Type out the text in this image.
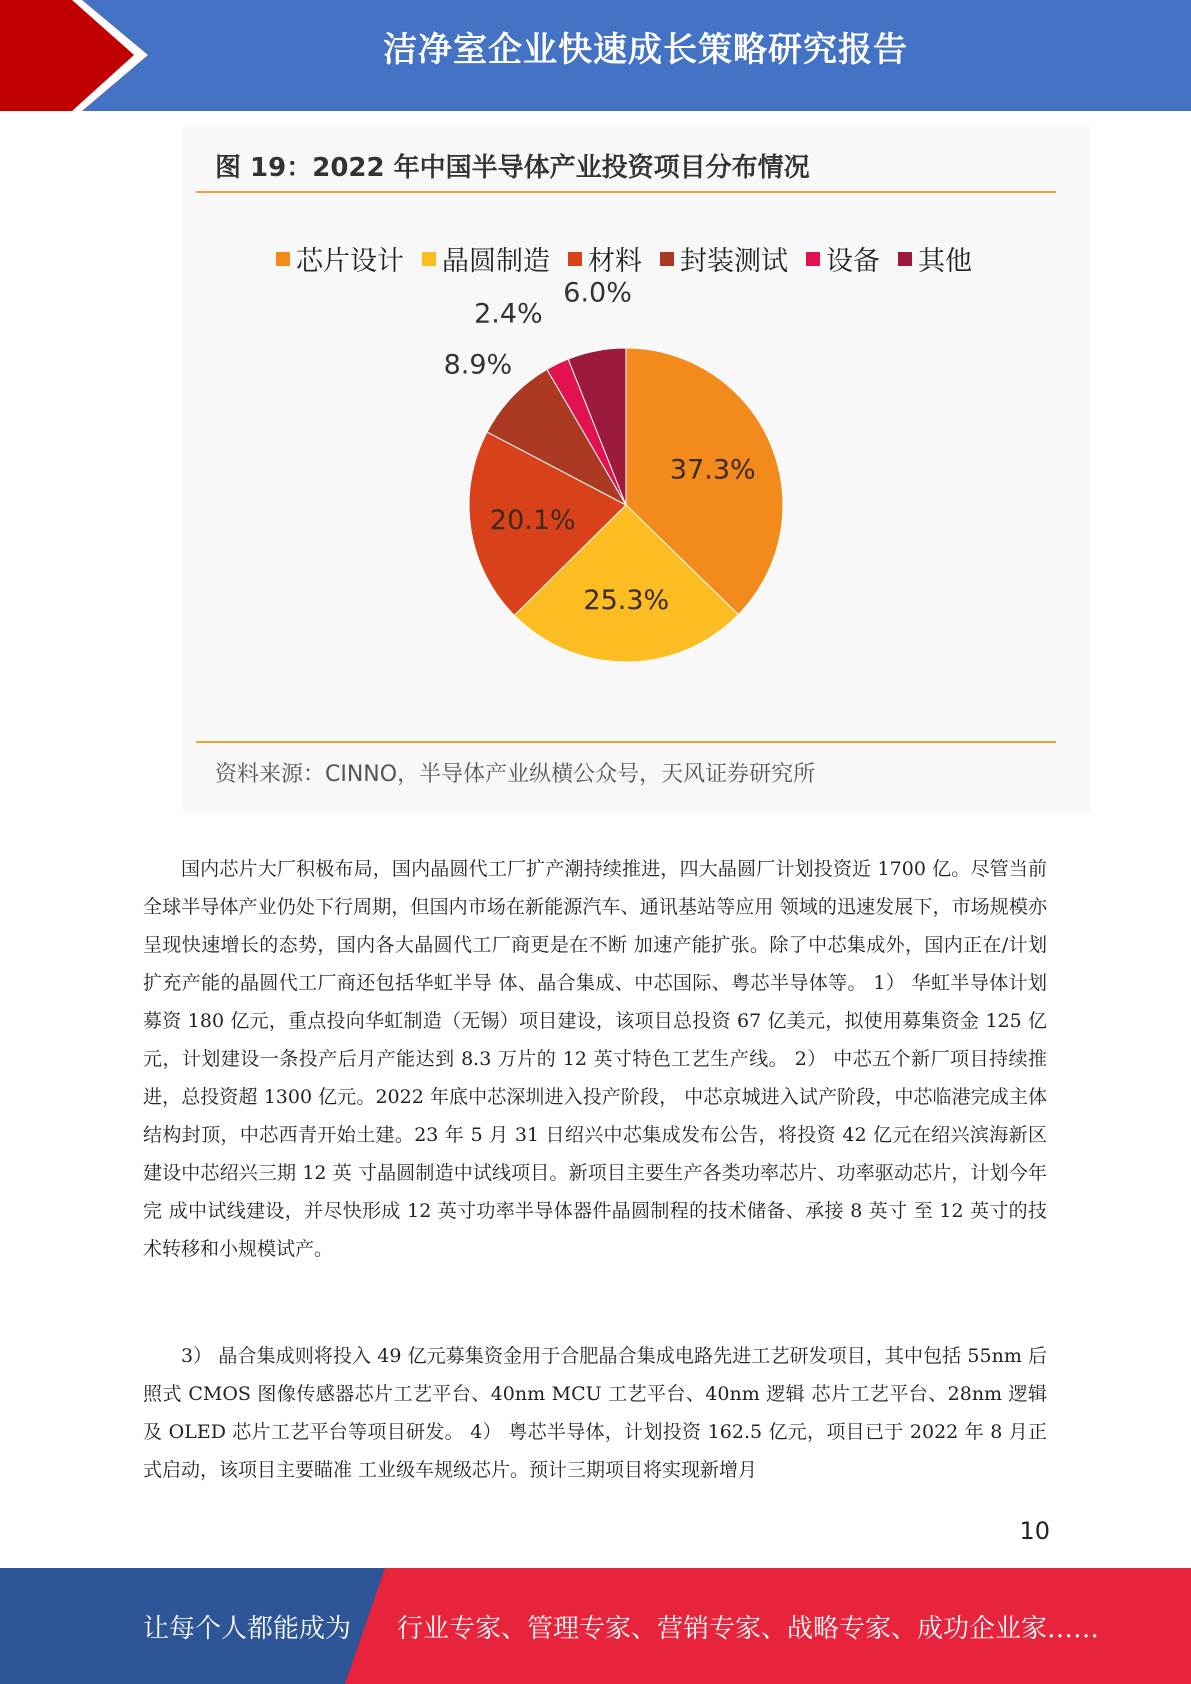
洁净室企业快速成长策略研究报告
图 19：2022 年中国半导体产业投资项目分布情况
芯片设计 晶圆制造 材料 封装测试 设备 其他
37.3%
25.3%
20.1%
8.9%
2.4%
6.0%
资料来源：CINNO，半导体产业纵横公众号，天风证券研究所

国内芯片大厂积极布局，国内晶圆代工厂扩产潮持续推进，四大晶圆厂计划投资近 1700 亿。尽管当前全球半导体产业仍处下行周期，但国内市场在新能源汽车、通讯基站等应用 领域的迅速发展下，市场规模亦呈现快速增长的态势，国内各大晶圆代工厂商更是在不断 加速产能扩张。除了中芯集成外，国内正在/计划扩充产能的晶圆代工厂商还包括华虹半导 体、晶合集成、中芯国际、粤芯半导体等。 1） 华虹半导体计划募资 180 亿元，重点投向华虹制造（无锡）项目建设，该项目总投资 67 亿美元，拟使用募集资金 125 亿元，计划建设一条投产后月产能达到 8.3 万片的 12 英寸特色工艺生产线。 2） 中芯五个新厂项目持续推进，总投资超 1300 亿元。2022 年底中芯深圳进入投产阶段， 中芯京城进入试产阶段，中芯临港完成主体结构封顶，中芯西青开始土建。23 年 5 月 31 日绍兴中芯集成发布公告，将投资 42 亿元在绍兴滨海新区建设中芯绍兴三期 12 英 寸晶圆制造中试线项目。新项目主要生产各类功率芯片、功率驱动芯片，计划今年完 成中试线建设，并尽快形成 12 英寸功率半导体器件晶圆制程的技术储备、承接 8 英寸 至 12 英寸的技术转移和小规模试产。

3） 晶合集成则将投入 49 亿元募集资金用于合肥晶合集成电路先进工艺研发项目，其中包括 55nm 后照式 CMOS 图像传感器芯片工艺平台、40nm MCU 工艺平台、40nm 逻辑 芯片工艺平台、28nm 逻辑及 OLED 芯片工艺平台等项目研发。 4） 粤芯半导体，计划投资 162.5 亿元，项目已于 2022 年 8 月正式启动，该项目主要瞄准 工业级车规级芯片。预计三期项目将实现新增月

10
让每个人都能成为 行业专家、管理专家、营销专家、战略专家、成功企业家……
